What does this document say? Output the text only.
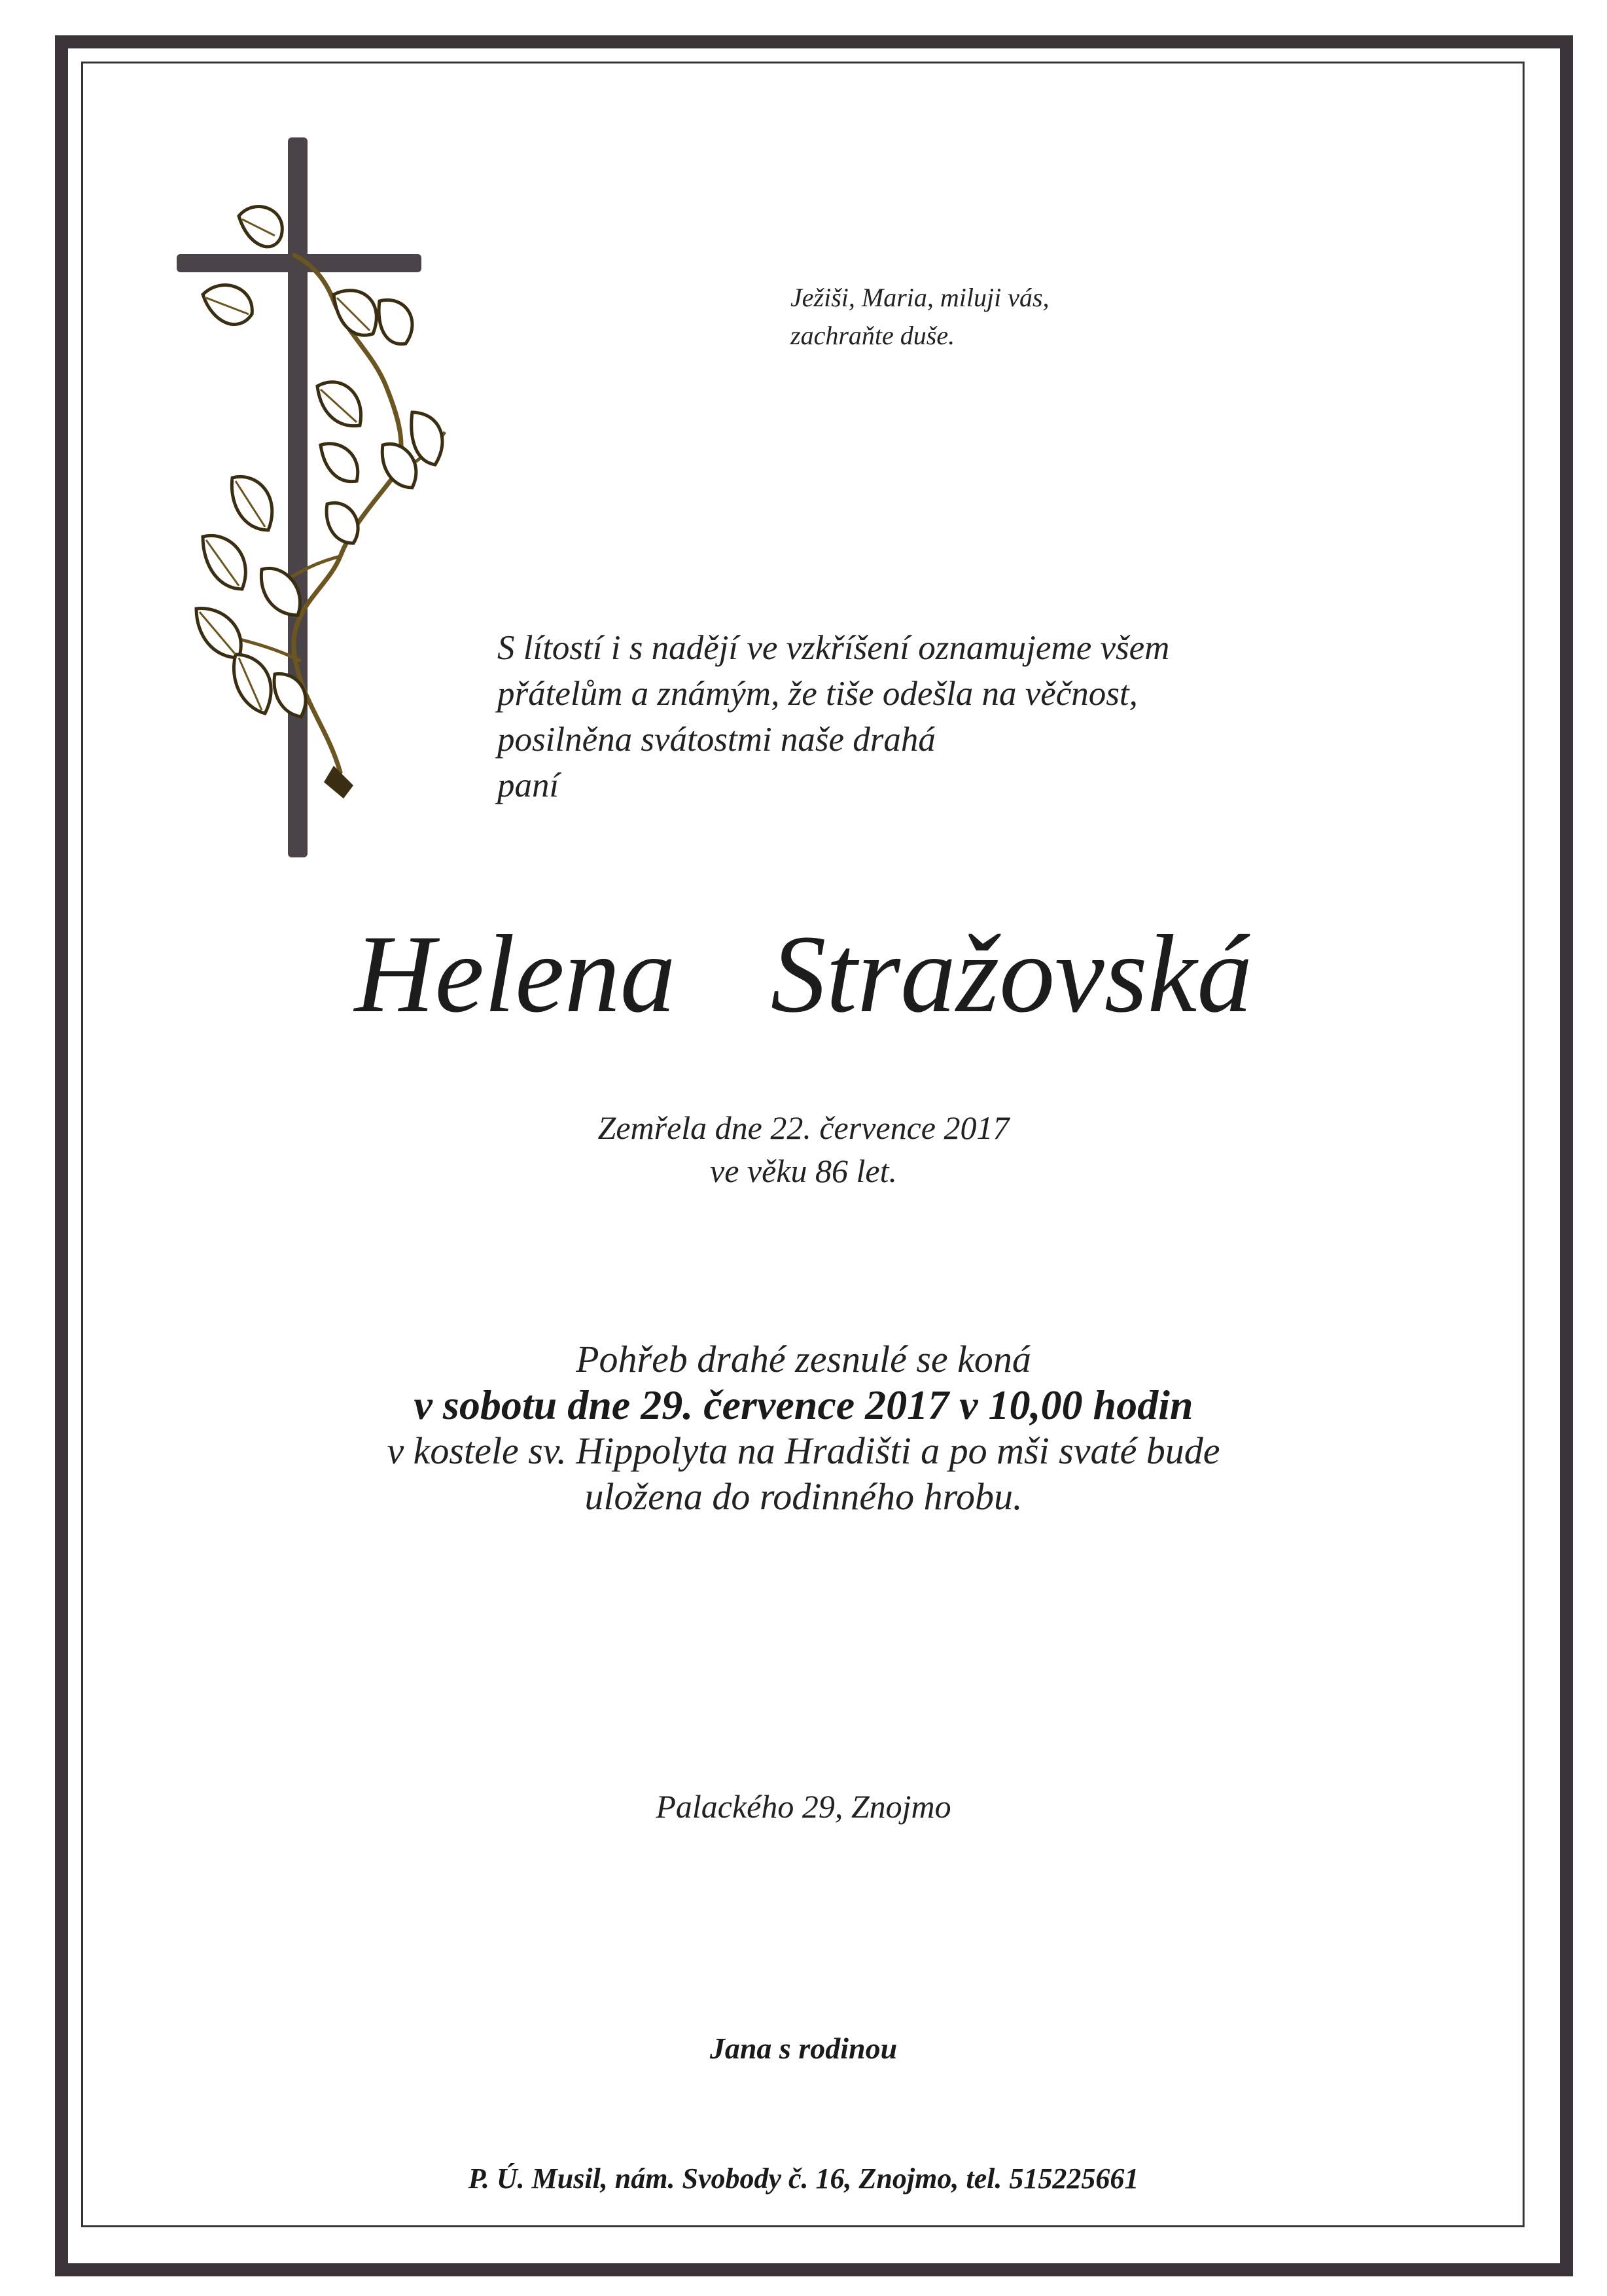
Ježiši, Maria, miluji vás,
zachraňte duše.
S lítostí i s nadějí ve vzkříšení oznamujeme všem
přátelům a známým, že tiše odešla na věčnost,
posilněna svátostmi naše drahá
paní
Helena  Stražovská
Zemřela dne 22. července 2017
ve věku 86 let.
Pohřeb drahé zesnulé se koná
v sobotu dne 29. července 2017 v 10,00 hodin
v kostele sv. Hippolyta na Hradišti a po mši svaté bude
uložena do rodinného hrobu.
Palackého 29, Znojmo
Jana s rodinou
P. Ú. Musil, nám. Svobody č. 16, Znojmo, tel. 515225661
